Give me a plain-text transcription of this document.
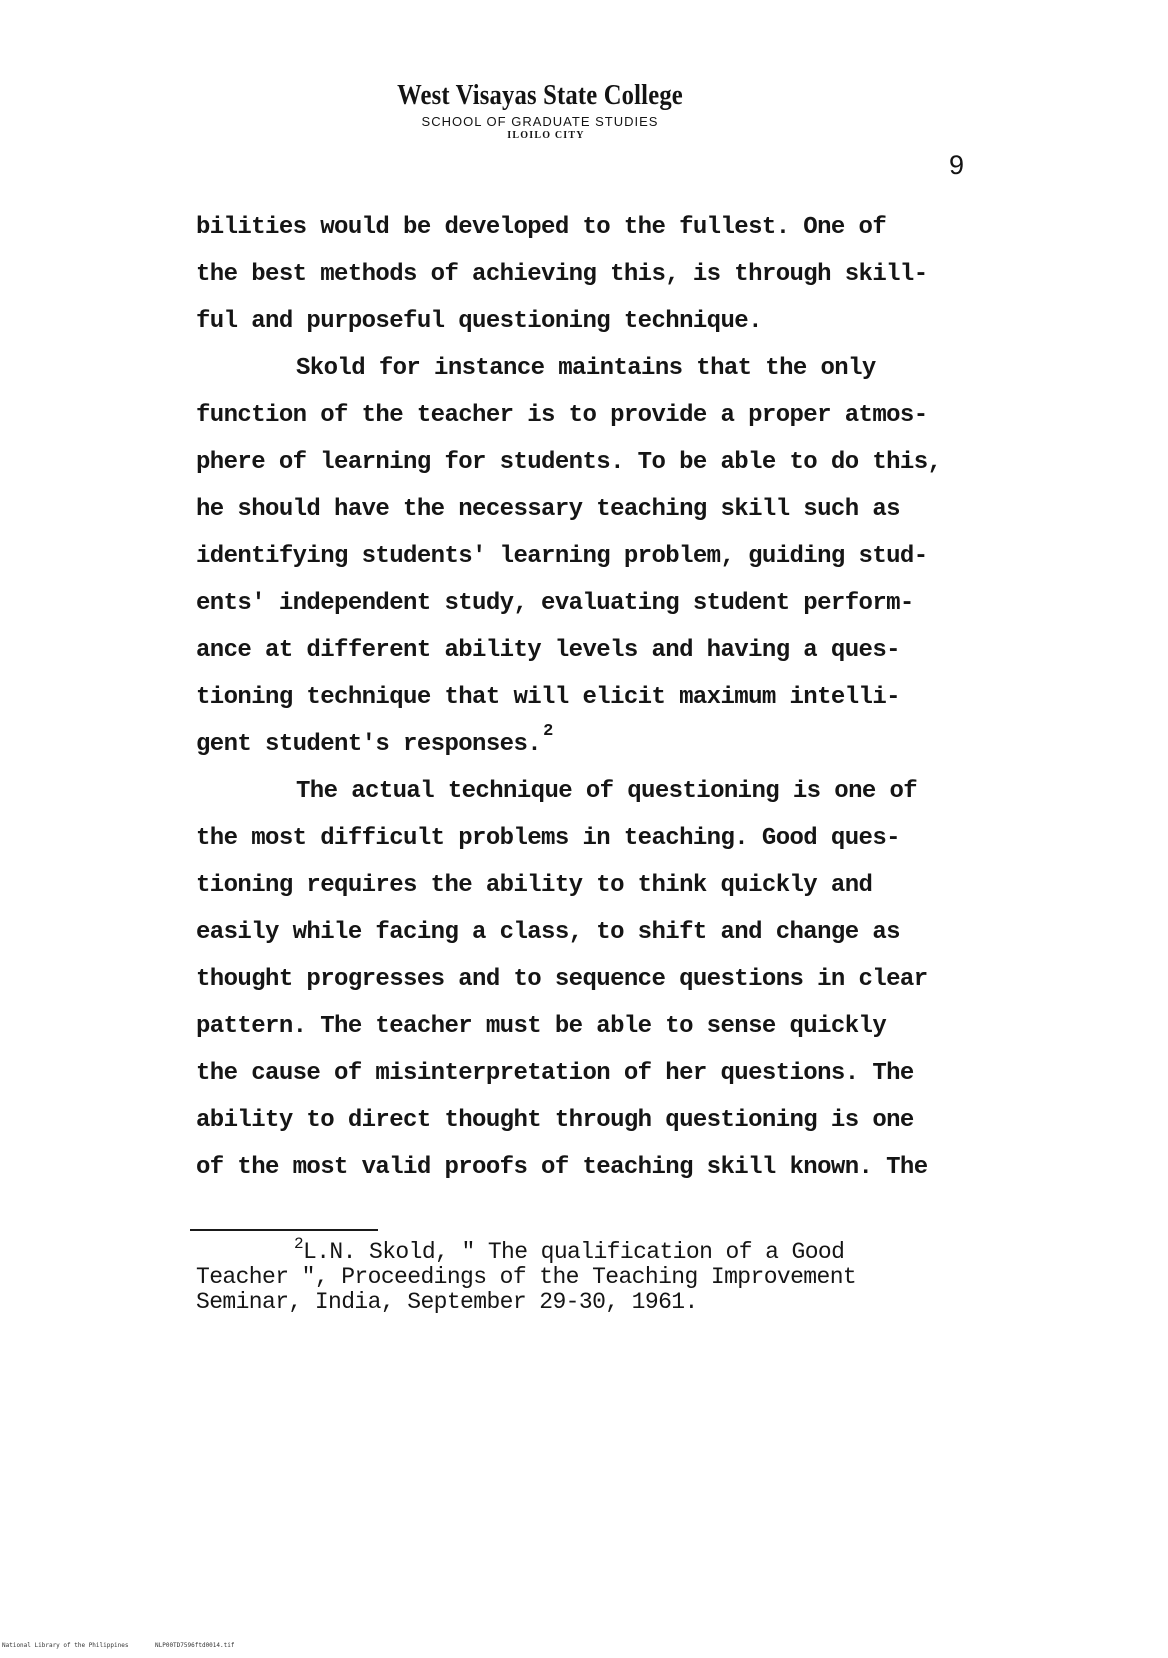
West Visayas State College
SCHOOL OF GRADUATE STUDIES
ILOILO CITY
9
bilities would be developed to the fullest. One of
the best methods of achieving this, is through skill-
ful and purposeful questioning technique.
Skold for instance maintains that the only
function of the teacher is to provide a proper atmos-
phere of learning for students. To be able to do this,
he should have the necessary teaching skill such as
identifying students' learning problem, guiding stud-
ents' independent study, evaluating student perform-
ance at different ability levels and having a ques-
tioning technique that will elicit maximum intelli-
gent student's responses. $^2$
The actual technique of questioning is one of
the most difficult problems in teaching. Good ques-
tioning requires the ability to think quickly and
easily while facing a class, to shift and change as
thought progresses and to sequence questions in clear
pattern. The teacher must be able to sense quickly
the cause of misinterpretation of her questions. The
ability to direct thought through questioning is one
of the most valid proofs of teaching skill known. The
$^2$L.N. Skold, " The qualification of a Good
Teacher ", Proceedings of the Teaching Improvement
Seminar, India, September 29-30, 1961.
National Library of the Philippines	NLP00TD7596ftd0014.tif
